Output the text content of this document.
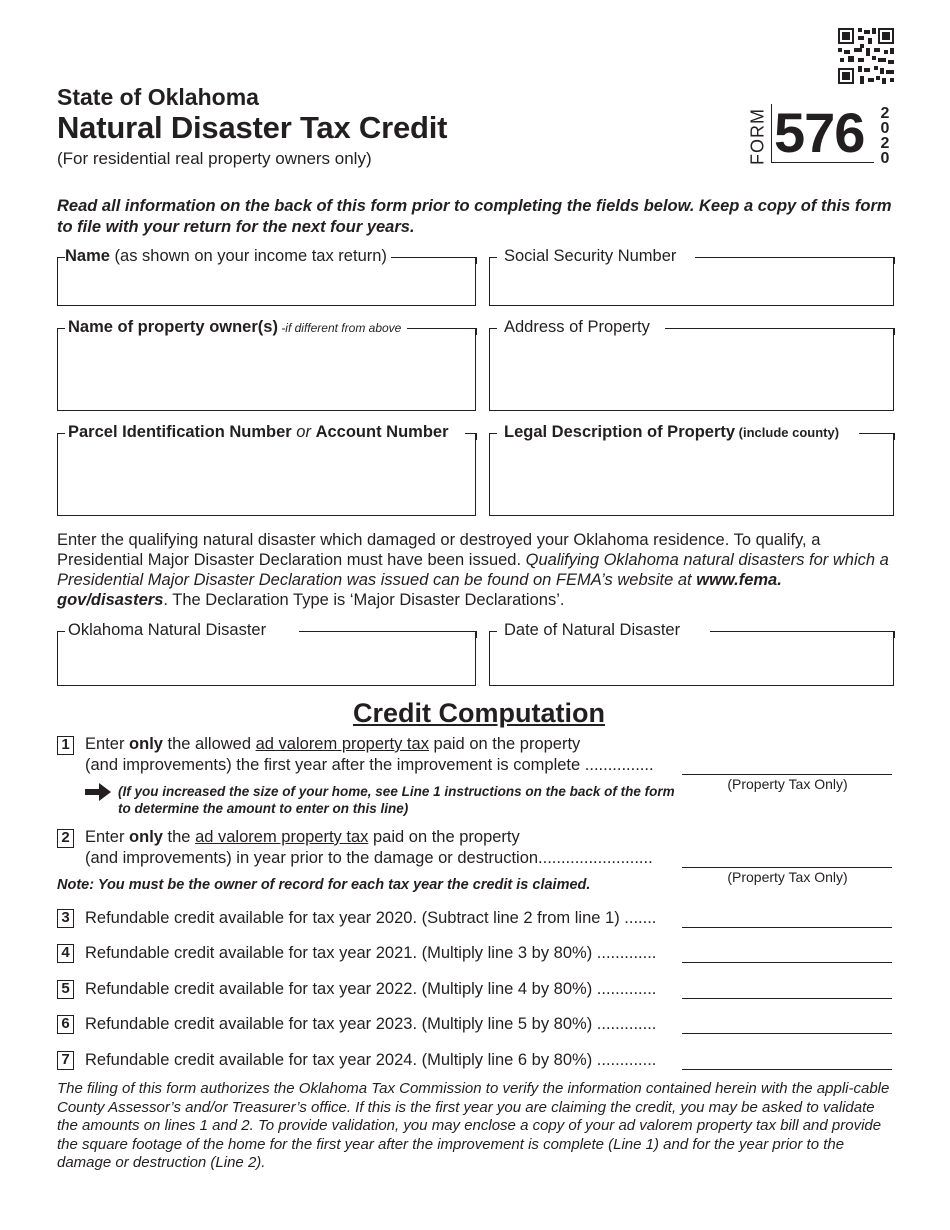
State of Oklahoma
Natural Disaster Tax Credit
(For residential real property owners only)	FORM 576 2
0
2
0
Read all information on the back of this form prior to completing the fields below. Keep a copy of this form to file with your return for the next four years.
Name (as shown on your income tax return)	Social Security Number
Name of property owner(s) -if different from above	Address of Property
Parcel Identification Number or Account Number	Legal Description of Property (include county)
Enter the qualifying natural disaster which damaged or destroyed your Oklahoma residence. To qualify, a Presidential Major Disaster Declaration must have been issued. Qualifying Oklahoma natural disasters for which a Presidential Major Disaster Declaration was issued can be found on FEMA’s website at www.fema. gov/disasters. The Declaration Type is ‘Major Disaster Declarations’.
Oklahoma Natural Disaster	Date of Natural Disaster
Credit Computation
1 Enter only the allowed ad valorem property tax paid on the property
(and improvements) the first year after the improvement is complete ...............
(Property Tax Only)
(If you increased the size of your home, see Line 1 instructions on the back of the form to determine the amount to enter on this line)
2 Enter only the ad valorem property tax paid on the property
(and improvements) in year prior to the damage or destruction.........................
(Property Tax Only)
Note: You must be the owner of record for each tax year the credit is claimed.
3 Refundable credit available for tax year 2020. (Subtract line 2 from line 1) .......
4 Refundable credit available for tax year 2021. (Multiply line 3 by 80%) .............
5 Refundable credit available for tax year 2022. (Multiply line 4 by 80%) .............
6 Refundable credit available for tax year 2023. (Multiply line 5 by 80%) .............
7 Refundable credit available for tax year 2024. (Multiply line 6 by 80%) .............
The filing of this form authorizes the Oklahoma Tax Commission to verify the information contained herein with the appli-cable County Assessor’s and/or Treasurer’s office. If this is the first year you are claiming the credit, you may be asked to validate the amounts on lines 1 and 2. To provide validation, you may enclose a copy of your ad valorem property tax bill and provide the square footage of the home for the first year after the improvement is complete (Line 1) and for the year prior to the damage or destruction (Line 2).
